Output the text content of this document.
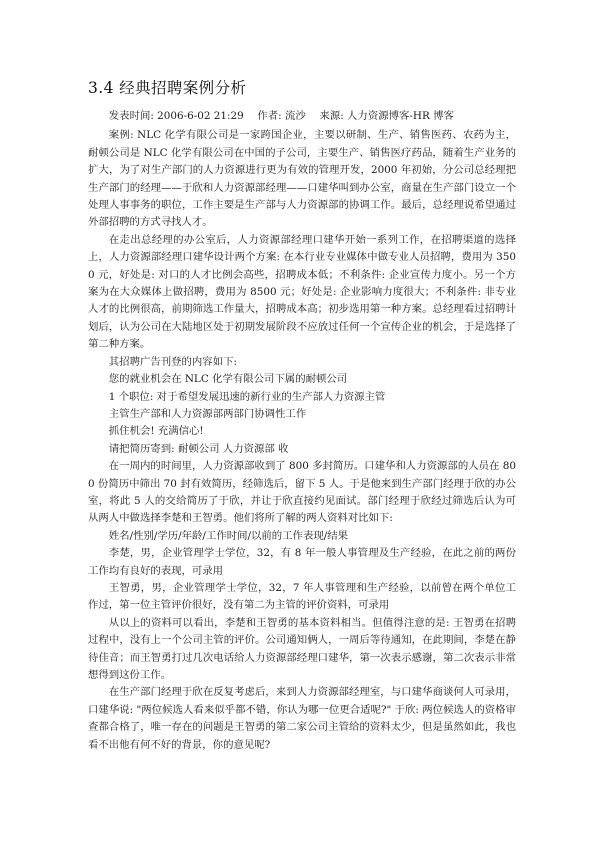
3.4 经典招聘案例分析

发表时间: 2006-6-02 21:29 　作者: 流沙 　来源: 人力资源博客-HR 博客

案例: NLC 化学有限公司是一家跨国企业，主要以研制、生产、销售医药、农药为主，耐顿公司是 NLC 化学有限公司在中国的子公司，主要生产、销售医疗药品，随着生产业务的扩大，为了对生产部门的人力资源进行更为有效的管理开发，2000 年初始，分公司总经理把生产部门的经理——于欣和人力资源部经理——口建华叫到办公室，商量在生产部门设立一个处理人事事务的职位，工作主要是生产部与人力资源部的协调工作。最后，总经理说希望通过外部招聘的方式寻找人才。

在走出总经理的办公室后，人力资源部经理口建华开始一系列工作，在招聘渠道的选择上，人力资源部经理口建华设计两个方案: 在本行业专业媒体中做专业人员招聘，费用为 3500 元，好处是: 对口的人才比例会高些，招聘成本低；不利条件: 企业宣传力度小。另一个方案为在大众媒体上做招聘，费用为 8500 元；好处是: 企业影响力度很大；不利条件: 非专业人才的比例很高，前期筛选工作量大，招聘成本高；初步选用第一种方案。总经理看过招聘计划后，认为公司在大陆地区处于初期发展阶段不应放过任何一个宣传企业的机会，于是选择了第二种方案。

其招聘广告刊登的内容如下:

您的就业机会在 NLC 化学有限公司下属的耐顿公司

1 个职位: 对于希望发展迅速的新行业的生产部人力资源主管

主管生产部和人力资源部两部门协调性工作

抓住机会! 充满信心!

请把简历寄到: 耐顿公司 人力资源部 收

在一周内的时间里，人力资源部收到了 800 多封简历。口建华和人力资源部的人员在 800 份简历中筛出 70 封有效简历，经筛选后，留下 5 人。于是他来到生产部门经理于欣的办公室，将此 5 人的交给简历了于欣，并让于欣直接约见面试。部门经理于欣经过筛选后认为可从两人中做选择李楚和王智勇。他们将所了解的两人资料对比如下:

姓名/性别/学历/年龄/工作时间/以前的工作表现/结果

李楚，男，企业管理学士学位，32，有 8 年一般人事管理及生产经验，在此之前的两份工作均有良好的表现，可录用

王智勇，男，企业管理学士学位，32，7 年人事管理和生产经验，以前曾在两个单位工作过，第一位主管评价很好，没有第二为主管的评价资料，可录用

从以上的资料可以看出，李楚和王智勇的基本资料相当。但值得注意的是: 王智勇在招聘过程中，没有上一个公司主管的评价。公司通知俩人，一周后等待通知，在此期间，李楚在静待佳音；而王智勇打过几次电话给人力资源部经理口建华，第一次表示感谢，第二次表示非常想得到这份工作。

在生产部门经理于欣在反复考虑后，来到人力资源部经理室，与口建华商谈何人可录用，口建华说: "两位候选人看来似乎都不错，你认为哪一位更合适呢?" 于欣: 两位候选人的资格审查都合格了，唯一存在的问题是王智勇的第二家公司主管给的资料太少，但是虽然如此，我也看不出他有何不好的背景，你的意见呢?
